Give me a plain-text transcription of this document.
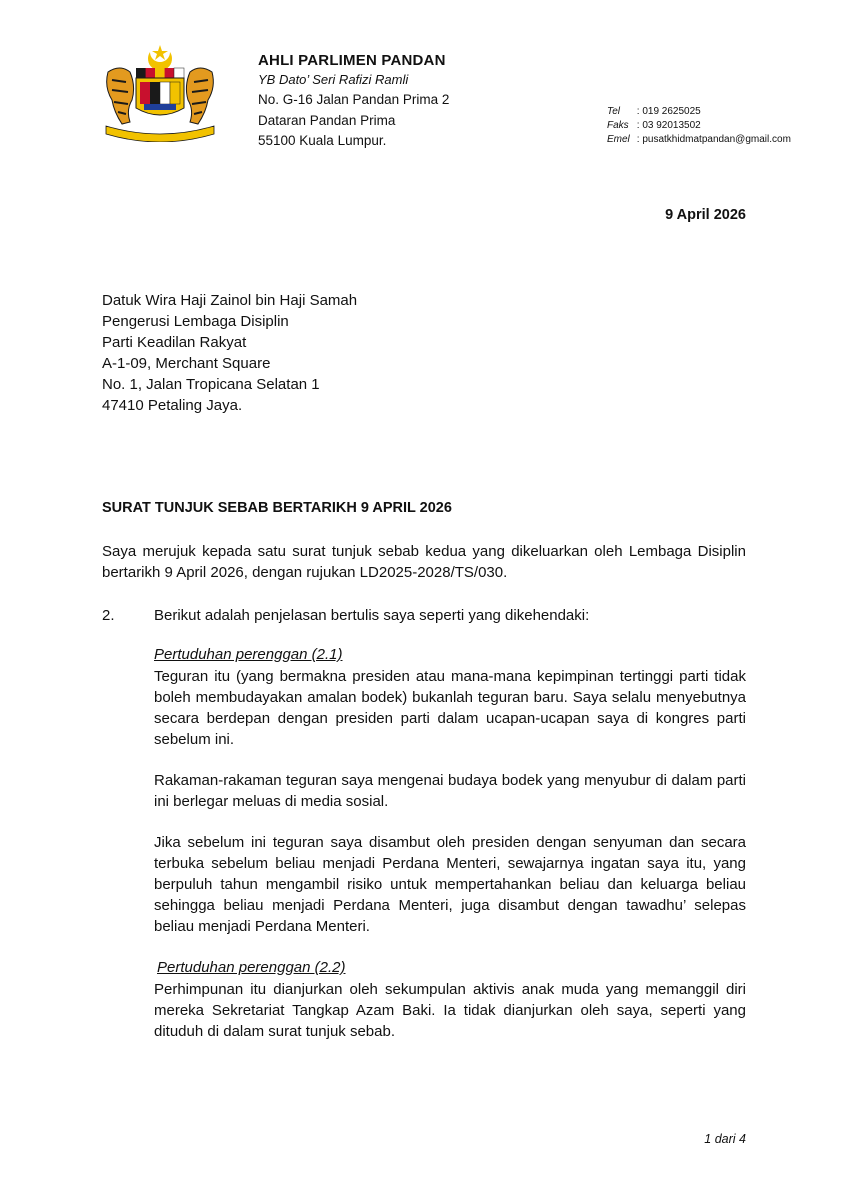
AHLI PARLIMEN PANDAN
YB Dato’ Seri Rafizi Ramli
No. G-16 Jalan Pandan Prima 2
Dataran Pandan Prima
55100 Kuala Lumpur.
Tel : 019 2625025
Faks : 03 92013502
Emel : pusatkhidmatpandan@gmail.com
9 April 2026
Datuk Wira Haji Zainol bin Haji Samah
Pengerusi Lembaga Disiplin
Parti Keadilan Rakyat
A-1-09, Merchant Square
No. 1, Jalan Tropicana Selatan 1
47410 Petaling Jaya.
SURAT TUNJUK SEBAB BERTARIKH 9 APRIL 2026
Saya merujuk kepada satu surat tunjuk sebab kedua yang dikeluarkan oleh Lembaga Disiplin bertarikh 9 April 2026, dengan rujukan LD2025-2028/TS/030.
2.	Berikut adalah penjelasan bertulis saya seperti yang dikehendaki:
Pertuduhan perenggan (2.1)
Teguran itu (yang bermakna presiden atau mana-mana kepimpinan tertinggi parti tidak boleh membudayakan amalan bodek) bukanlah teguran baru. Saya selalu menyebutnya secara berdepan dengan presiden parti dalam ucapan-ucapan saya di kongres parti sebelum ini.
Rakaman-rakaman teguran saya mengenai budaya bodek yang menyubur di dalam parti ini berlegar meluas di media sosial.
Jika sebelum ini teguran saya disambut oleh presiden dengan senyuman dan secara terbuka sebelum beliau menjadi Perdana Menteri, sewajarnya ingatan saya itu, yang berpuluh tahun mengambil risiko untuk mempertahankan beliau dan keluarga beliau sehingga beliau menjadi Perdana Menteri, juga disambut dengan tawadhu’ selepas beliau menjadi Perdana Menteri.
Pertuduhan perenggan (2.2)
Perhimpunan itu dianjurkan oleh sekumpulan aktivis anak muda yang memanggil diri mereka Sekretariat Tangkap Azam Baki. Ia tidak dianjurkan oleh saya, seperti yang dituduh di dalam surat tunjuk sebab.
1 dari 4
